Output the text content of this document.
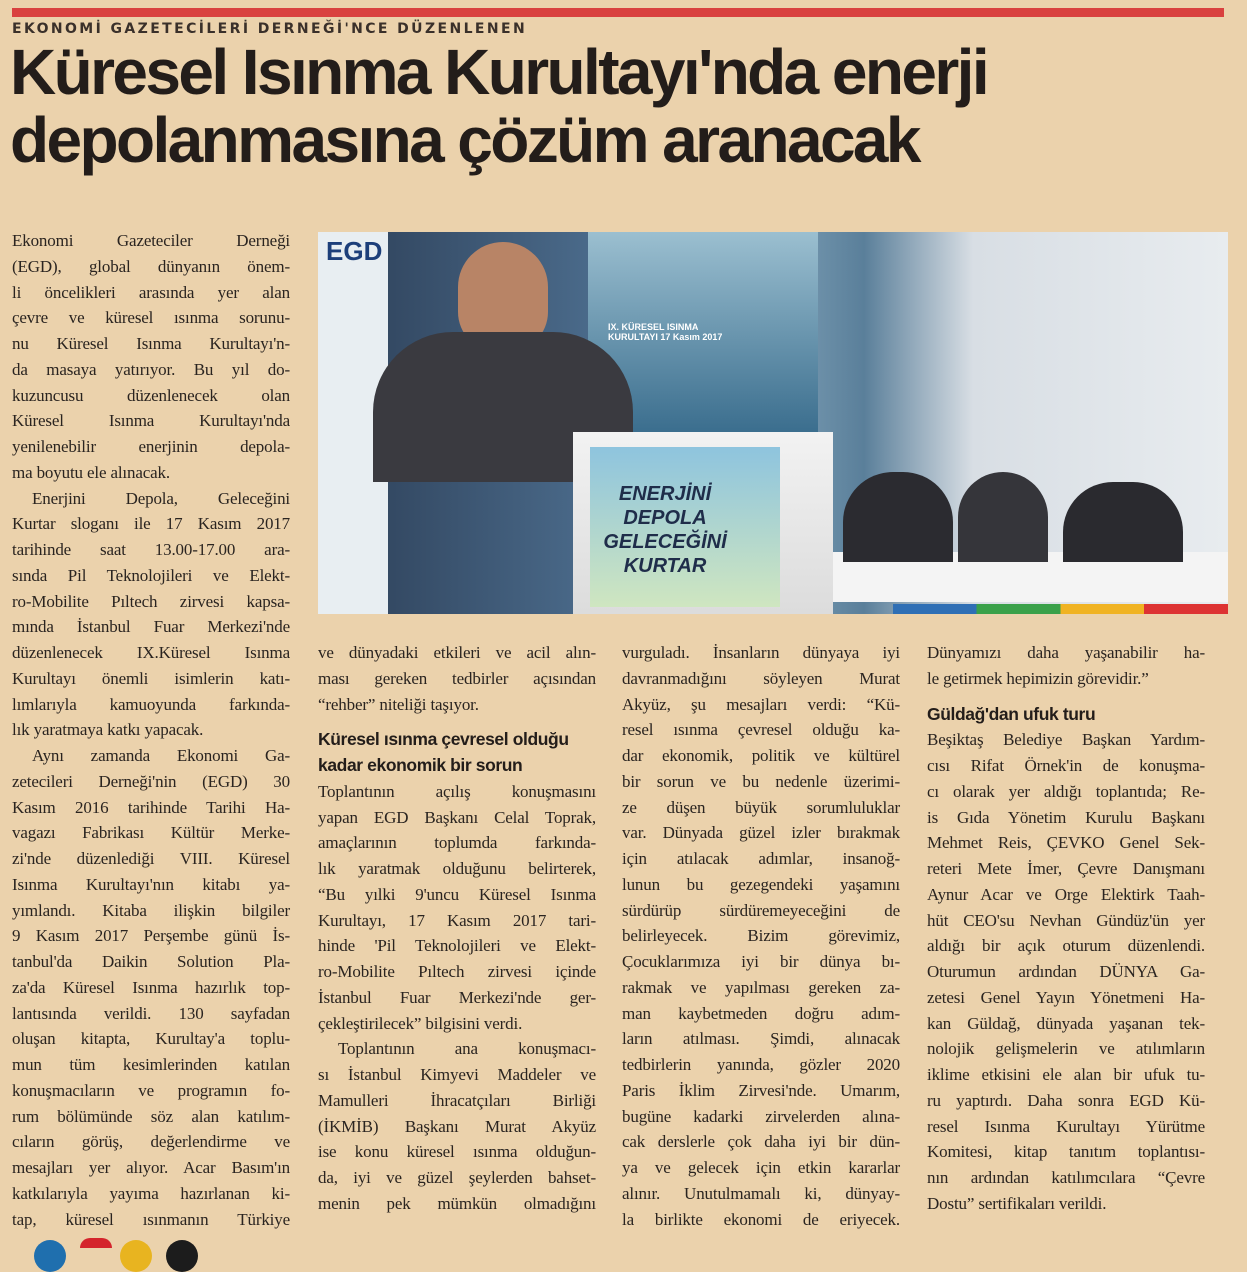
EKONOMİ GAZETECİLERİ DERNEĞİ'NCE DÜZENLENEN
Küresel Isınma Kurultayı'nda enerji
depolanmasına çözüm aranacak
EGD
IX. KÜRESEL ISINMA KURULTAYI 17 Kasım 2017
ENERJİNİ DEPOLA
GELECEĞİNİ
KURTAR
Ekonomi Gazeteciler Derneği
(EGD), global dünyanın önem-
li öncelikleri arasında yer alan
çevre ve küresel ısınma sorunu-
nu Küresel Isınma Kurultayı'n-
da masaya yatırıyor. Bu yıl do-
kuzuncusu düzenlenecek olan
Küresel Isınma Kurultayı'nda
yenilenebilir enerjinin depola-
ma boyutu ele alınacak.
Enerjini Depola, Geleceğini
Kurtar sloganı ile 17 Kasım 2017
tarihinde saat 13.00-17.00 ara-
sında Pil Teknolojileri ve Elekt-
ro-Mobilite Pıltech zirvesi kapsa-
mında İstanbul Fuar Merkezi'nde
düzenlenecek IX.Küresel Isınma
Kurultayı önemli isimlerin katı-
lımlarıyla kamuoyunda farkında-
lık yaratmaya katkı yapacak.
Aynı zamanda Ekonomi Ga-
zetecileri Derneği'nin (EGD) 30
Kasım 2016 tarihinde Tarihi Ha-
vagazı Fabrikası Kültür Merke-
zi'nde düzenlediği VIII. Küresel
Isınma Kurultayı'nın kitabı ya-
yımlandı. Kitaba ilişkin bilgiler
9 Kasım 2017 Perşembe günü İs-
tanbul'da Daikin Solution Pla-
za'da Küresel Isınma hazırlık top-
lantısında verildi. 130 sayfadan
oluşan kitapta, Kurultay'a toplu-
mun tüm kesimlerinden katılan
konuşmacıların ve programın fo-
rum bölümünde söz alan katılım-
cıların görüş, değerlendirme ve
mesajları yer alıyor. Acar Basım'ın
katkılarıyla yayıma hazırlanan ki-
tap, küresel ısınmanın Türkiye
ve dünyadaki etkileri ve acil alın-
ması gereken tedbirler açısından
“rehber” niteliği taşıyor.
Küresel ısınma çevresel olduğu
kadar ekonomik bir sorun
Toplantının açılış konuşmasını
yapan EGD Başkanı Celal Toprak,
amaçlarının toplumda farkında-
lık yaratmak olduğunu belirterek,
“Bu yılki 9'uncu Küresel Isınma
Kurultayı, 17 Kasım 2017 tari-
hinde 'Pil Teknolojileri ve Elekt-
ro-Mobilite Pıltech zirvesi içinde
İstanbul Fuar Merkezi'nde ger-
çekleştirilecek” bilgisini verdi.
Toplantının ana konuşmacı-
sı İstanbul Kimyevi Maddeler ve
Mamulleri İhracatçıları Birliği
(İKMİB) Başkanı Murat Akyüz
ise konu küresel ısınma olduğun-
da, iyi ve güzel şeylerden bahset-
menin pek mümkün olmadığını
vurguladı. İnsanların dünyaya iyi
davranmadığını söyleyen Murat
Akyüz, şu mesajları verdi: “Kü-
resel ısınma çevresel olduğu ka-
dar ekonomik, politik ve kültürel
bir sorun ve bu nedenle üzerimi-
ze düşen büyük sorumluluklar
var. Dünyada güzel izler bırakmak
için atılacak adımlar, insanoğ-
lunun bu gezegendeki yaşamını
sürdürüp sürdüremeyeceğini de
belirleyecek. Bizim görevimiz,
Çocuklarımıza iyi bir dünya bı-
rakmak ve yapılması gereken za-
man kaybetmeden doğru adım-
ların atılması. Şimdi, alınacak
tedbirlerin yanında, gözler 2020
Paris İklim Zirvesi'nde. Umarım,
bugüne kadarki zirvelerden alına-
cak derslerle çok daha iyi bir dün-
ya ve gelecek için etkin kararlar
alınır. Unutulmamalı ki, dünyay-
la birlikte ekonomi de eriyecek.
Dünyamızı daha yaşanabilir ha-
le getirmek hepimizin görevidir.”
Güldağ'dan ufuk turu
Beşiktaş Belediye Başkan Yardım-
cısı Rifat Örnek'in de konuşma-
cı olarak yer aldığı toplantıda; Re-
is Gıda Yönetim Kurulu Başkanı
Mehmet Reis, ÇEVKO Genel Sek-
reteri Mete İmer, Çevre Danışmanı
Aynur Acar ve Orge Elektirk Taah-
hüt CEO'su Nevhan Gündüz'ün yer
aldığı bir açık oturum düzenlendi.
Oturumun ardından DÜNYA Ga-
zetesi Genel Yayın Yönetmeni Ha-
kan Güldağ, dünyada yaşanan tek-
nolojik gelişmelerin ve atılımların
iklime etkisini ele alan bir ufuk tu-
ru yaptırdı. Daha sonra EGD Kü-
resel Isınma Kurultayı Yürütme
Komitesi, kitap tanıtım toplantısı-
nın ardından katılımcılara “Çevre
Dostu” sertifikaları verildi.
